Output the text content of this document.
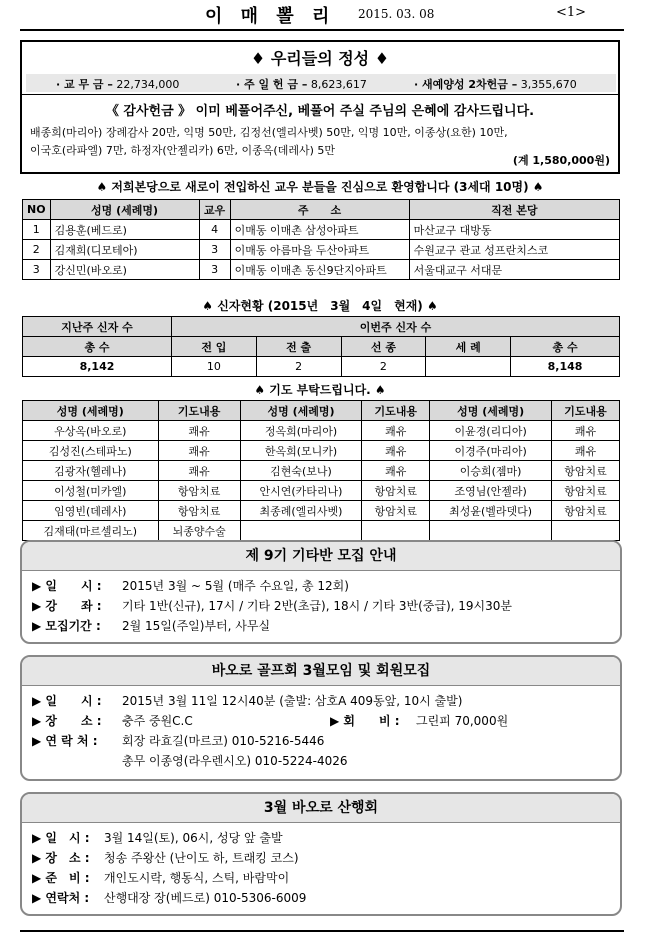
이 매 뽈 리 2015. 03. 08	<1>
♦ 우리들의 정성 ♦
· 교 무 금 – 22,734,000	· 주 일 헌 금 – 8,623,617	· 새예양성 2차헌금 – 3,355,670
《 감사헌금 》 이미 베풀어주신, 베풀어 주실 주님의 은혜에 감사드립니다.
배종희(마리아) 장례감사 20만, 익명 50만, 김정선(엘리사벳) 50만, 익명 10만, 이종상(요한) 10만,
이국호(라파엘) 7만, 하정자(안젤리카) 6만, 이종옥(데레사) 5만
(계 1,580,000원)
♠ 저희본당으로 새로이 전입하신 교우 분들을 진심으로 환영합니다 (3세대 10명) ♠
NO	성명 (세례명)	교우	주　　소	직전 본당
1	김용훈(베드로)	4	이매동 이매촌 삼성아파트	마산교구 대방동
2	김재희(디모테아)	3	이매동 아름마을 두산아파트	수원교구 관교 성프란치스코
3	강신민(바오로)	3	이매동 이매촌 동신9단지아파트	서울대교구 서대문
♠ 신자현황 (2015년　3월　4일　현재) ♠
지난주 신자 수	이번주 신자 수				
총 수	전 입	전 출	선 종	세 례	총 수
8,142	10	2	2		8,148
♠ 기도 부탁드립니다. ♠
성명 (세례명)	기도내용	성명 (세례명)	기도내용	성명 (세례명)	기도내용
우상옥(바오로)	쾌유	정옥희(마리아)	쾌유	이윤경(리디아)	쾌유
김성진(스테파노)	쾌유	한옥희(모니카)	쾌유	이경주(마리아)	쾌유
김광자(헬레나)	쾌유	김현숙(보나)	쾌유	이승희(젬마)	항암치료
이성철(미카엘)	항암치료	안시연(카타리나)	항암치료	조영님(안젤라)	항암치료
임영빈(데레사)	항암치료	최종례(엘리사벳)	항암치료	최성윤(벨라뎃다)	항암치료
김재태(마르셀리노)	뇌종양수술				
제 9기 기타반 모집 안내
▶ 일　　시 : 2015년 3월 ~ 5월 (매주 수요일, 총 12회)
▶ 강　　좌 : 기타 1반(신규), 17시 / 기타 2반(초급), 18시 / 기타 3반(중급), 19시30분
▶ 모집기간 : 2월 15일(주일)부터, 사무실
바오로 골프회 3월모임 및 회원모집
▶ 일　　시 : 2015년 3월 11일 12시40분 (출발: 삼호A 409동앞, 10시 출발)
▶ 장　　소 : 충주 중원C.C	▶ 회　　비 : 그린피 70,000원
▶ 연 락 처 : 회장 라효길(마르코) 010-5216-5446
총무 이종영(라우렌시오) 010-5224-4026
3월 바오로 산행회
▶ 일　시 : 3월 14일(토), 06시, 성당 앞 출발
▶ 장　소 : 청송 주왕산 (난이도 하, 트래킹 코스)
▶ 준　비 : 개인도시락, 행동식, 스틱, 바람막이
▶ 연락처 : 산행대장 장(베드로) 010-5306-6009
